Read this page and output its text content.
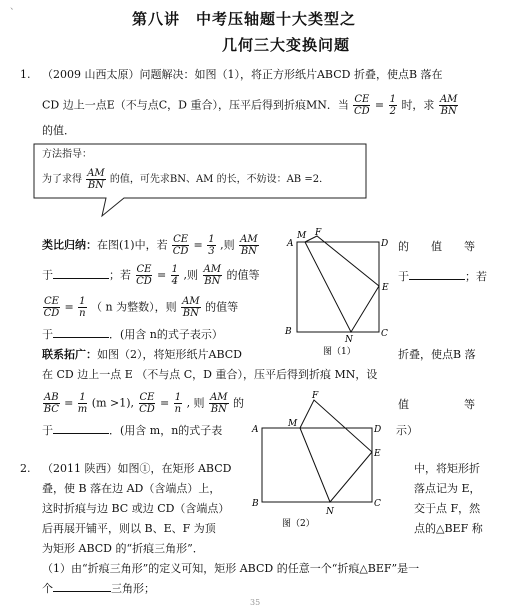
、
第八讲　中考压轴题十大类型之
几何三大变换问题
1. （2009 山西太原）问题解决：如图（1），将正方形纸片ABCD 折叠，使点B 落在
CD 边上一点E（不与点C，D 重合），压平后得到折痕MN．当 $\frac{CE}{CD} = \frac{1}{2}$ 时，求 $\frac{AM}{BN}$
的值．
方法指导：
为了求得 $\frac{AM}{BN}$ 的值，可先求BN、AM 的长，不妨设：AB =2．
类比归纳：在图(1)中，若 $\frac{CE}{CD} = \frac{1}{3}$ ,则 $\frac{AM}{BN}$	的　　值　　等
于	；若 $\frac{CE}{CD} = \frac{1}{4}$ ,则 $\frac{AM}{BN}$ 的值等	于	；若
$\frac{CE}{CD} = \frac{1}{n}$ （ n 为整数），则 $\frac{AM}{BN}$ 的值等
于	．(用含 n的式子表示）
联系拓广：如图（2），将矩形纸片ABCD	折叠，使点B 落
在 CD 边上一点 E （不与点 C，D 重合），压平后得到折痕 MN，设
$\frac{AB}{BC} = \frac{1}{m} (m >1)$, $\frac{CE}{CD} = \frac{1}{n}$ , 则 $\frac{AM}{BN}$ 的	值　　　　　等
于	．(用含 m，n的式子表	示）
2. （2011 陕西）如图①，在矩形 ABCD	中，将矩形折
叠，使 B 落在边 AD（含端点）上，	落点记为 E，
这时折痕与边 BC 或边 CD（含端点）	交于点 F，然
后再展开铺平，则以 B、E、F 为顶	点的△BEF 称
为矩形 ABCD 的“折痕三角形”．
（1）由“折痕三角形”的定义可知，矩形 ABCD 的任意一个“折痕△BEF”是一
个	三角形；
A
M F
D
E
B
N
C
图（1）
A
M
F
D
E
B
N
C
图（2）
35
